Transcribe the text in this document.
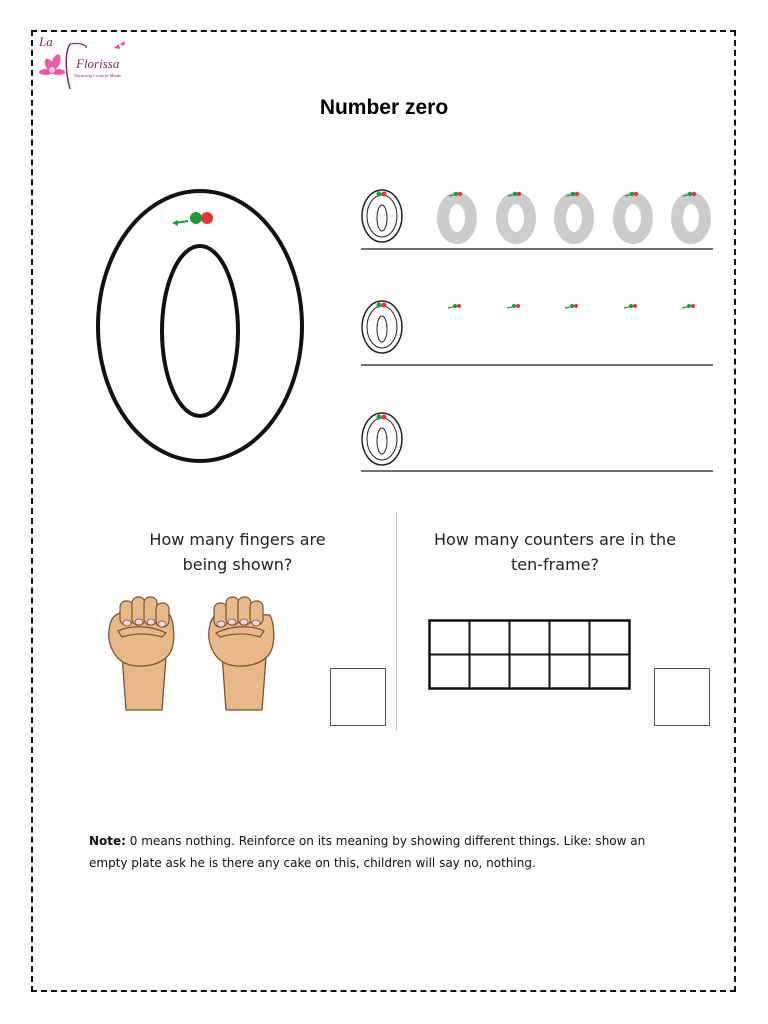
La
Florissa
Nurturing Creative Minds
Number zero
How many fingers are
being shown?
How many counters are in the
ten-frame?
Note: 0 means nothing. Reinforce on its meaning by showing different things. Like: show an empty plate ask he is there any cake on this, children will say no, nothing.
